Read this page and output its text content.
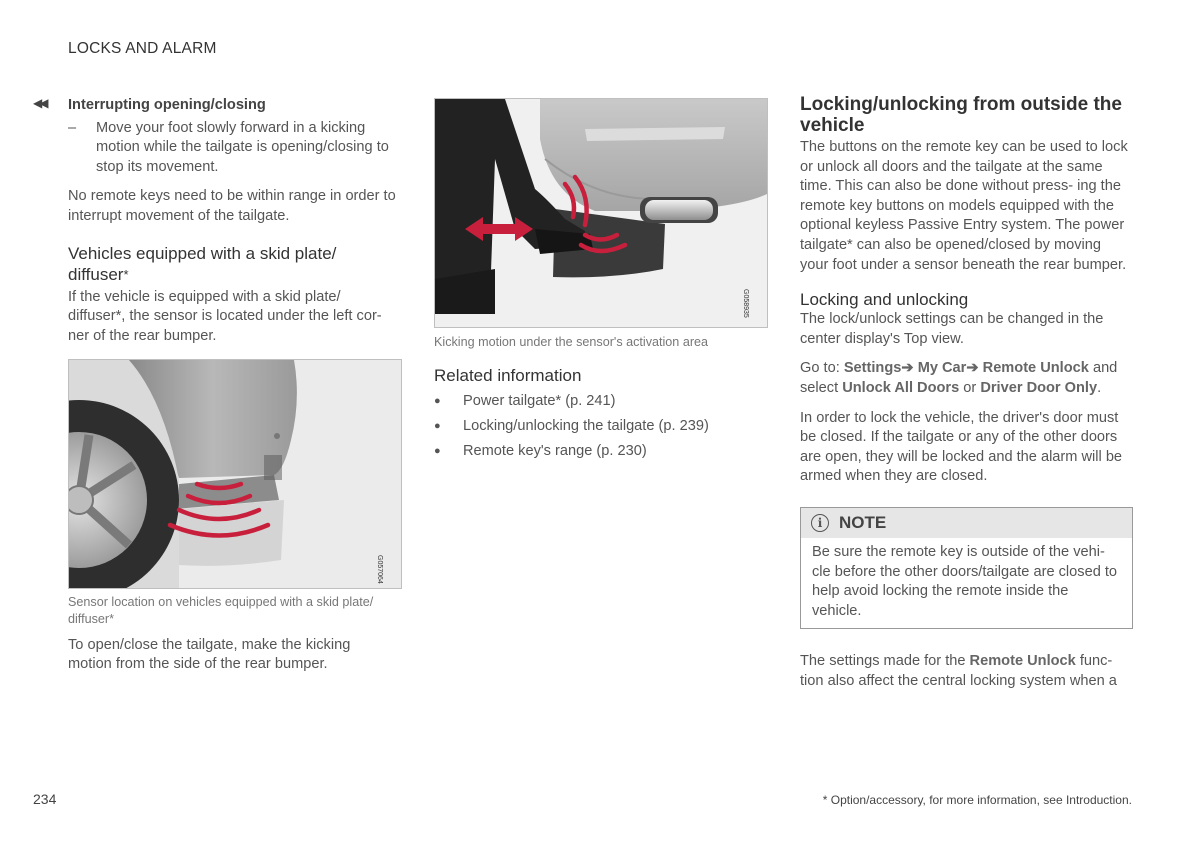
LOCKS AND ALARM
◀◀ Interrupting opening/closing
–	Move your foot slowly forward in a kicking motion while the tailgate is opening/closing to stop its movement.

No remote keys need to be within range in order to interrupt movement of the tailgate.

Vehicles equipped with a skid plate/ diffuser*

If the vehicle is equipped with a skid plate/ diffuser*, the sensor is located under the left cor- ner of the rear bumper.

G057064
Sensor location on vehicles equipped with a skid plate/ diffuser*

To open/close the tailgate, make the kicking motion from the side of the rear bumper.

G058935
Kicking motion under the sensor's activation area
Related information
●	Power tailgate* (p. 241)
●	Locking/unlocking the tailgate (p. 239)
●	Remote key's range (p. 230)
Locking/unlocking from outside the vehicle

The buttons on the remote key can be used to lock or unlock all doors and the tailgate at the same time. This can also be done without press- ing the remote key buttons on models equipped with the optional keyless Passive Entry system. The power tailgate* can also be opened/closed by moving your foot under a sensor beneath the rear bumper.

Locking and unlocking

The lock/unlock settings can be changed in the center display's Top view.

Go to: Settings➔ My Car➔ Remote Unlock and select Unlock All Doors or Driver Door Only.

In order to lock the vehicle, the driver's door must be closed. If the tailgate or any of the other doors are open, they will be locked and the alarm will be armed when they are closed.

i NOTE
Be sure the remote key is outside of the vehi- cle before the other doors/tailgate are closed to help avoid locking the remote inside the vehicle.

The settings made for the Remote Unlock func- tion also affect the central locking system when a

234	* Option/accessory, for more information, see Introduction.
